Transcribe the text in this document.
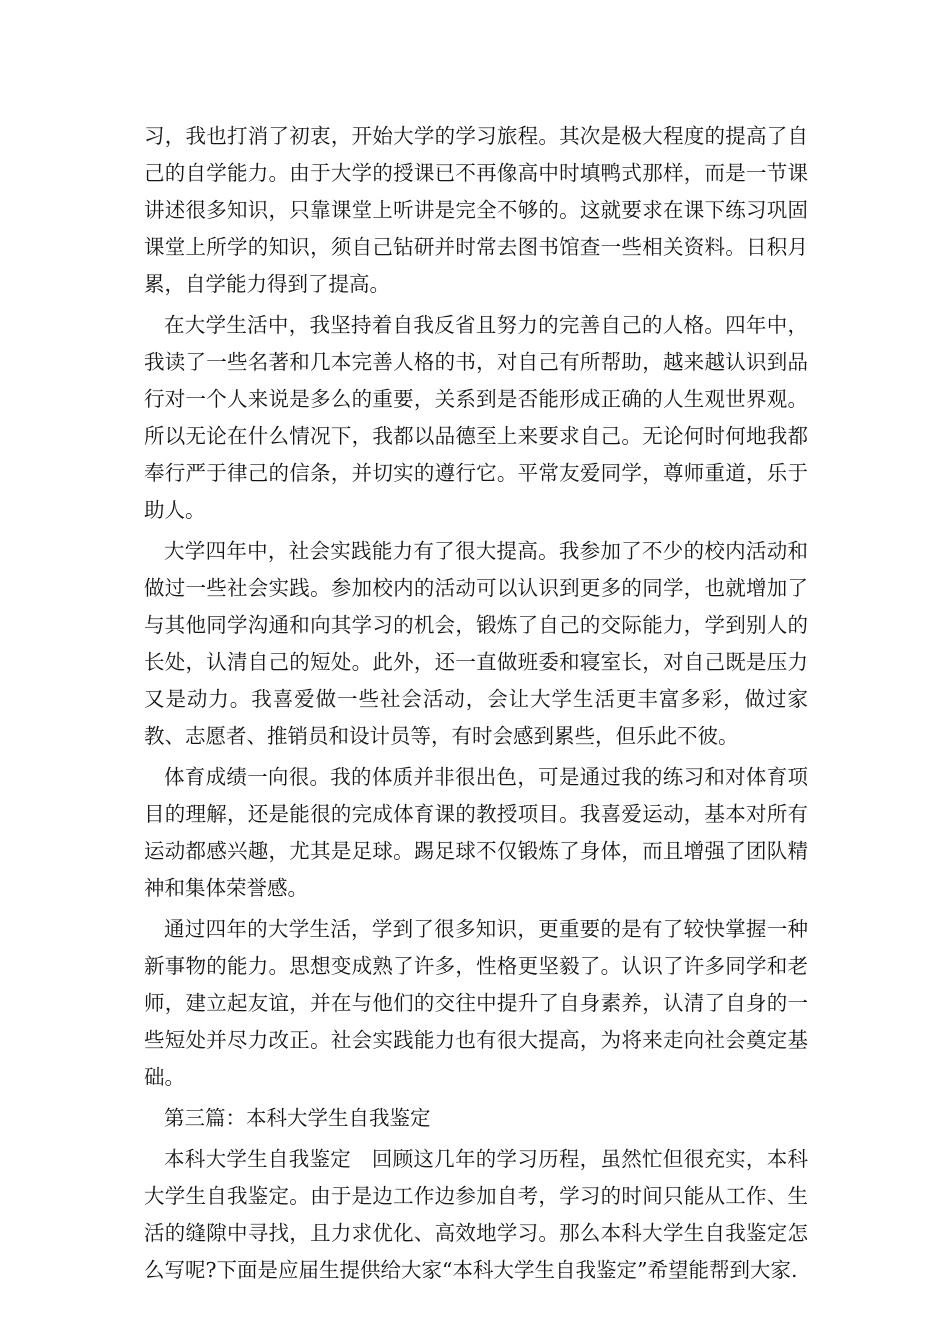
习，我也打消了初衷，开始大学的学习旅程。其次是极大程度的提高了自己的自学能力。由于大学的授课已不再像高中时填鸭式那样，而是一节课讲述很多知识，只靠课堂上听讲是完全不够的。这就要求在课下练习巩固课堂上所学的知识，须自己钻研并时常去图书馆查一些相关资料。日积月累，自学能力得到了提高。

在大学生活中，我坚持着自我反省且努力的完善自己的人格。四年中，我读了一些名著和几本完善人格的书，对自己有所帮助，越来越认识到品行对一个人来说是多么的重要，关系到是否能形成正确的人生观世界观。所以无论在什么情况下，我都以品德至上来要求自己。无论何时何地我都奉行严于律己的信条，并切实的遵行它。平常友爱同学，尊师重道，乐于助人。

大学四年中，社会实践能力有了很大提高。我参加了不少的校内活动和做过一些社会实践。参加校内的活动可以认识到更多的同学，也就增加了与其他同学沟通和向其学习的机会，锻炼了自己的交际能力，学到别人的长处，认清自己的短处。此外，还一直做班委和寝室长，对自己既是压力又是动力。我喜爱做一些社会活动，会让大学生活更丰富多彩，做过家教、志愿者、推销员和设计员等，有时会感到累些，但乐此不彼。

体育成绩一向很。我的体质并非很出色，可是通过我的练习和对体育项目的理解，还是能很的完成体育课的教授项目。我喜爱运动，基本对所有运动都感兴趣，尤其是足球。踢足球不仅锻炼了身体，而且增强了团队精神和集体荣誉感。

通过四年的大学生活，学到了很多知识，更重要的是有了较快掌握一种新事物的能力。思想变成熟了许多，性格更坚毅了。认识了许多同学和老师，建立起友谊，并在与他们的交往中提升了自身素养，认清了自身的一些短处并尽力改正。社会实践能力也有很大提高，为将来走向社会奠定基础。

第三篇：本科大学生自我鉴定

本科大学生自我鉴定　回顾这几年的学习历程，虽然忙但很充实，本科大学生自我鉴定。由于是边工作边参加自考，学习的时间只能从工作、生活的缝隙中寻找，且力求优化、高效地学习。那么本科大学生自我鉴定怎么写呢?下面是应届生提供给大家“本科大学生自我鉴定”希望能帮到大家.
